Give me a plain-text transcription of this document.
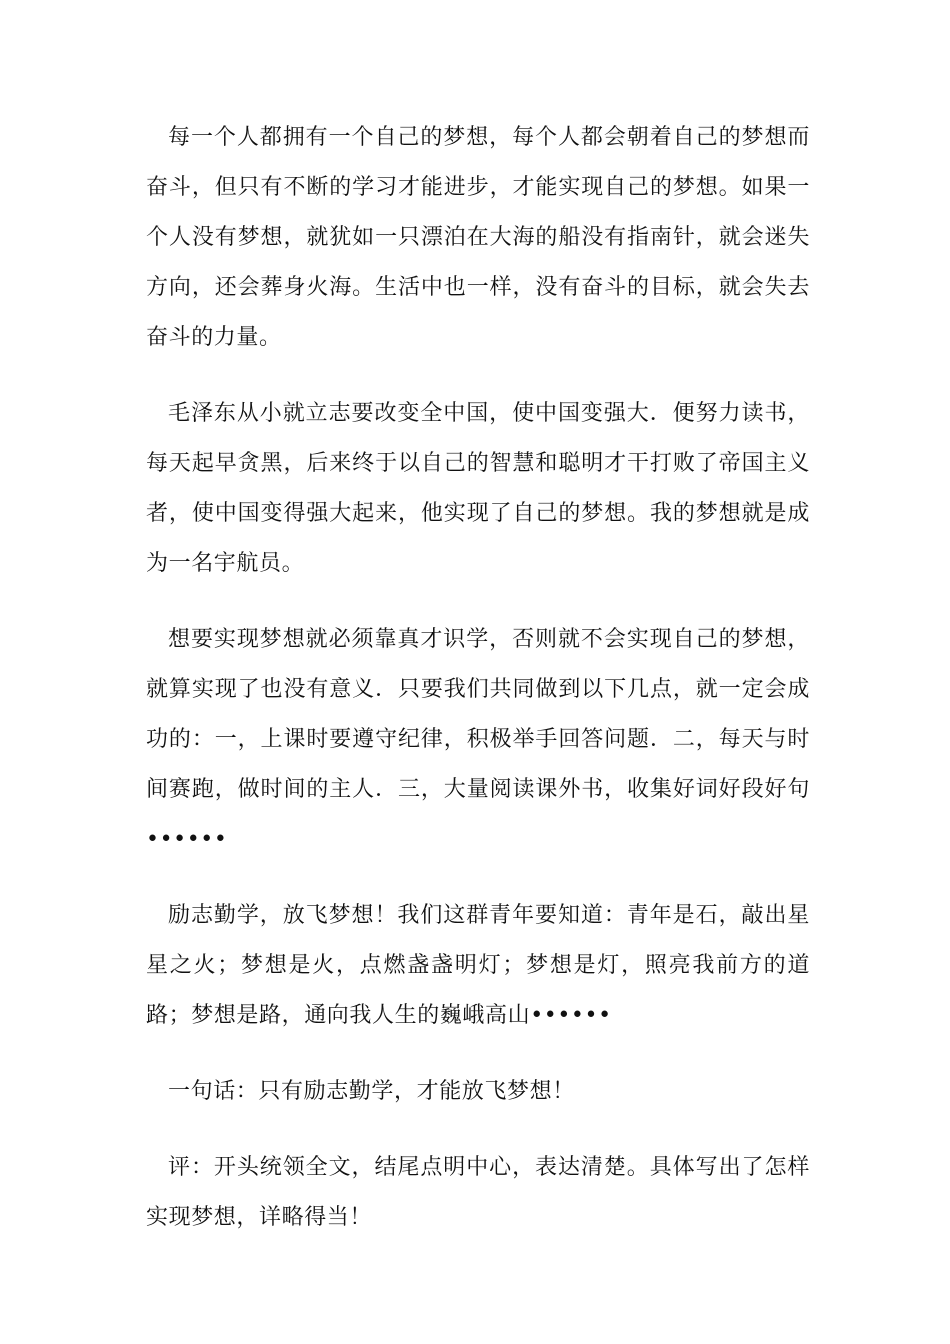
每一个人都拥有一个自己的梦想，每个人都会朝着自己的梦想而奋斗，但只有不断的学习才能进步，才能实现自己的梦想。如果一个人没有梦想，就犹如一只漂泊在大海的船没有指南针，就会迷失方向，还会葬身火海。生活中也一样，没有奋斗的目标，就会失去奋斗的力量。

毛泽东从小就立志要改变全中国，使中国变强大．便努力读书，每天起早贪黑，后来终于以自己的智慧和聪明才干打败了帝国主义者，使中国变得强大起来，他实现了自己的梦想。我的梦想就是成为一名宇航员。

想要实现梦想就必须靠真才识学，否则就不会实现自己的梦想，就算实现了也没有意义．只要我们共同做到以下几点，就一定会成功的：一，上课时要遵守纪律，积极举手回答问题．二，每天与时间赛跑，做时间的主人．三，大量阅读课外书，收集好词好段好句••••••

励志勤学，放飞梦想！我们这群青年要知道：青年是石，敲出星星之火；梦想是火，点燃盏盏明灯；梦想是灯，照亮我前方的道路；梦想是路，通向我人生的巍峨高山••••••

一句话：只有励志勤学，才能放飞梦想！

评：开头统领全文，结尾点明中心，表达清楚。具体写出了怎样实现梦想，详略得当！
